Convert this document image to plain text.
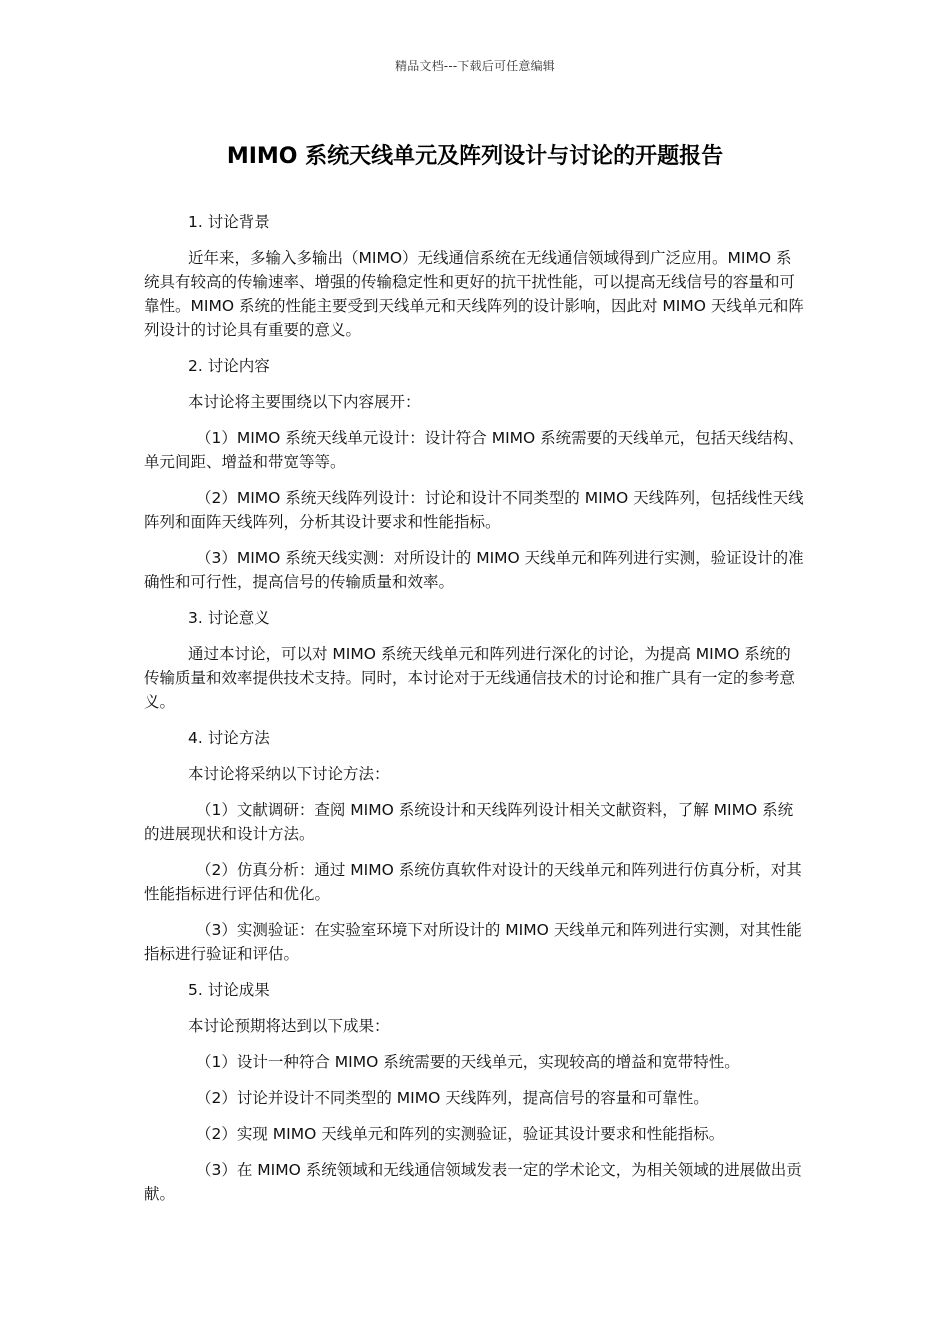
精品文档---下载后可任意编辑
MIMO 系统天线单元及阵列设计与讨论的开题报告

1. 讨论背景

近年来，多输入多输出（MIMO）无线通信系统在无线通信领域得到广泛应用。MIMO 系统具有较高的传输速率、增强的传输稳定性和更好的抗干扰性能，可以提高无线信号的容量和可靠性。MIMO 系统的性能主要受到天线单元和天线阵列的设计影响，因此对 MIMO 天线单元和阵列设计的讨论具有重要的意义。

2. 讨论内容

本讨论将主要围绕以下内容展开：

（1）MIMO 系统天线单元设计：设计符合 MIMO 系统需要的天线单元，包括天线结构、单元间距、增益和带宽等等。

（2）MIMO 系统天线阵列设计：讨论和设计不同类型的 MIMO 天线阵列，包括线性天线阵列和面阵天线阵列，分析其设计要求和性能指标。

（3）MIMO 系统天线实测：对所设计的 MIMO 天线单元和阵列进行实测，验证设计的准确性和可行性，提高信号的传输质量和效率。

3. 讨论意义

通过本讨论，可以对 MIMO 系统天线单元和阵列进行深化的讨论，为提高 MIMO 系统的传输质量和效率提供技术支持。同时，本讨论对于无线通信技术的讨论和推广具有一定的参考意义。

4. 讨论方法

本讨论将采纳以下讨论方法：

（1）文献调研：查阅 MIMO 系统设计和天线阵列设计相关文献资料，了解 MIMO 系统的进展现状和设计方法。

（2）仿真分析：通过 MIMO 系统仿真软件对设计的天线单元和阵列进行仿真分析，对其性能指标进行评估和优化。

（3）实测验证：在实验室环境下对所设计的 MIMO 天线单元和阵列进行实测，对其性能指标进行验证和评估。

5. 讨论成果

本讨论预期将达到以下成果：

（1）设计一种符合 MIMO 系统需要的天线单元，实现较高的增益和宽带特性。

（2）讨论并设计不同类型的 MIMO 天线阵列，提高信号的容量和可靠性。

（2）实现 MIMO 天线单元和阵列的实测验证，验证其设计要求和性能指标。

（3）在 MIMO 系统领域和无线通信领域发表一定的学术论文，为相关领域的进展做出贡献。
